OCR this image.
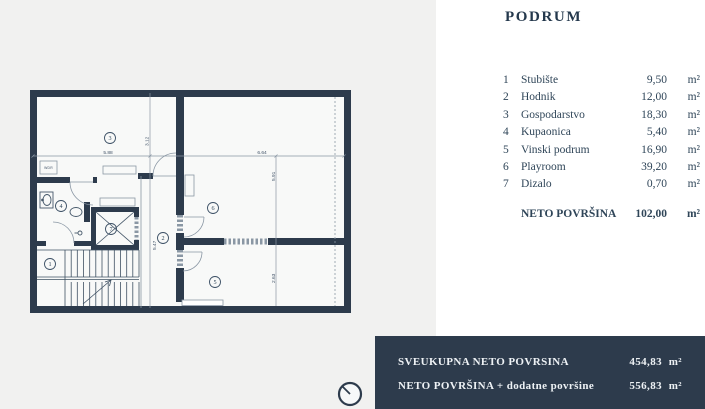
WDR
5.88	6.64
3.12
5.47
5.91
2.63
1
2
3
4
5
6
7
PODRUM
1	Stubište	9,50	m²
2	Hodnik	12,00	m²
3	Gospodarstvo	18,30	m²
4	Kupaonica	5,40	m²
5	Vinski podrum	16,90	m²
6	Playroom	39,20	m²
7	Dizalo	0,70	m²
NETO POVRŠINA	102,00	m²
SVEUKUPNA NETO POVRSINA	454,83 m²
NETO POVRŠINA + dodatne površine	556,83 m²
